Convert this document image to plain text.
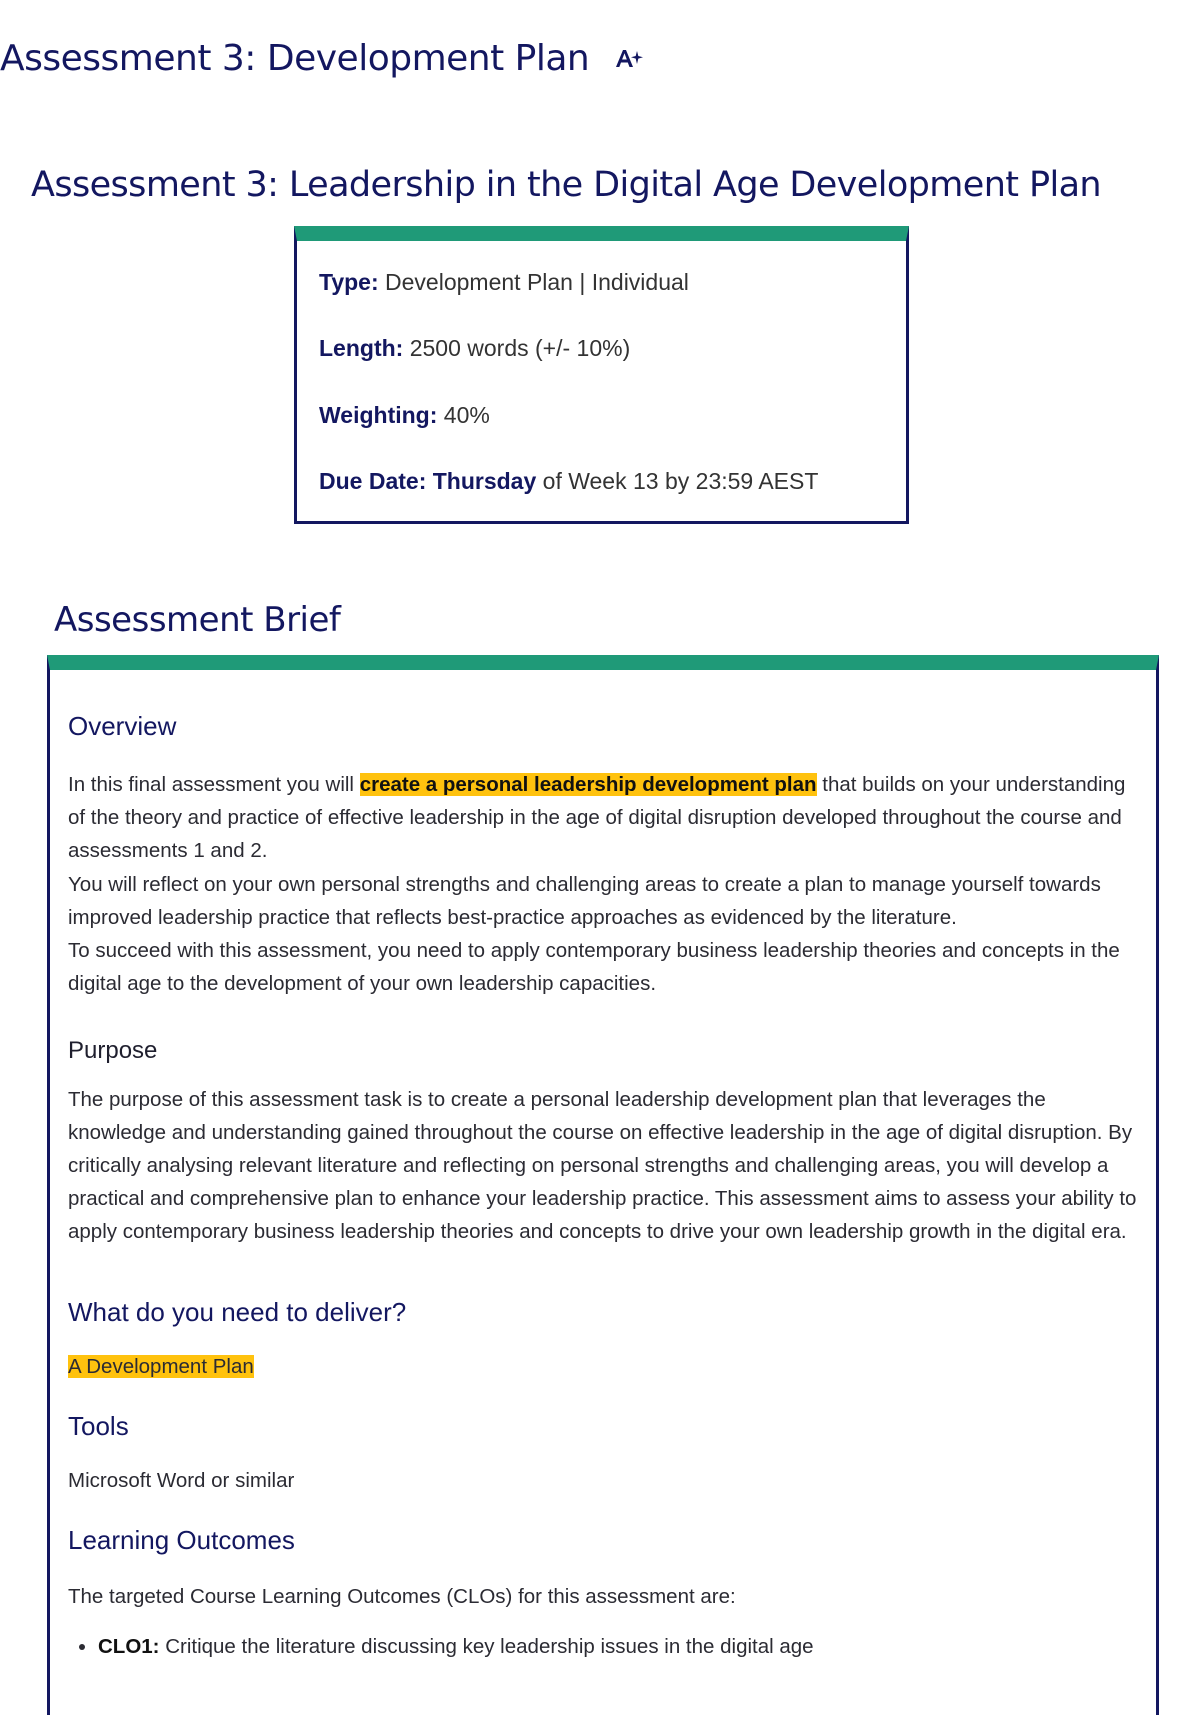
Assessment 3: Development Plan
Assessment 3: Leadership in the Digital Age Development Plan

Type: Development Plan | Individual

Length: 2500 words (+/- 10%)

Weighting: 40%

Due Date: Thursday of Week 13 by 23:59 AEST

Assessment Brief
Overview

In this final assessment you will create a personal leadership development plan that builds on your understanding of the theory and practice of effective leadership in the age of digital disruption developed throughout the course and assessments 1 and 2.

You will reflect on your own personal strengths and challenging areas to create a plan to manage yourself towards improved leadership practice that reflects best-practice approaches as evidenced by the literature.

To succeed with this assessment, you need to apply contemporary business leadership theories and concepts in the digital age to the development of your own leadership capacities.

Purpose

The purpose of this assessment task is to create a personal leadership development plan that leverages the knowledge and understanding gained throughout the course on effective leadership in the age of digital disruption. By critically analysing relevant literature and reflecting on personal strengths and challenging areas, you will develop a practical and comprehensive plan to enhance your leadership practice. This assessment aims to assess your ability to apply contemporary business leadership theories and concepts to drive your own leadership growth in the digital era.

What do you need to deliver?

A Development Plan

Tools

Microsoft Word or similar

Learning Outcomes

The targeted Course Learning Outcomes (CLOs) for this assessment are:

• CLO1: Critique the literature discussing key leadership issues in the digital age
